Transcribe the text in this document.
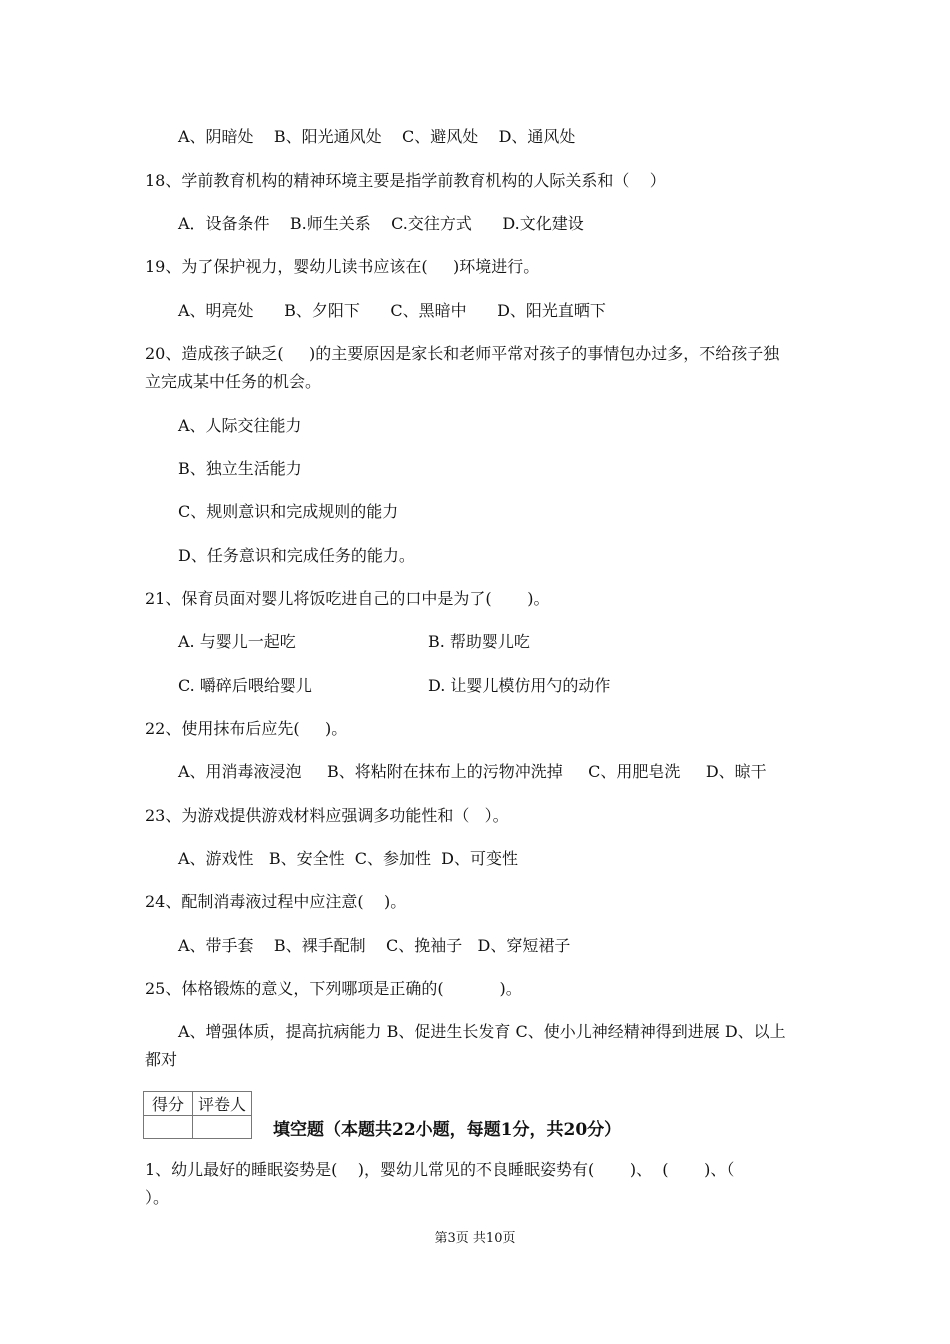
A、阴暗处    B、阳光通风处    C、避风处    D、通风处
18、学前教育机构的精神环境主要是指学前教育机构的人际关系和（    ）
A．设备条件    B.师生关系    C.交往方式      D.文化建设
19、为了保护视力，婴幼儿读书应该在(     )环境进行。
A、明亮处      B、夕阳下      C、黑暗中      D、阳光直晒下
20、造成孩子缺乏(     )的主要原因是家长和老师平常对孩子的事情包办过多，不给孩子独
立完成某中任务的机会。
A、人际交往能力
B、独立生活能力
C、规则意识和完成规则的能力
D、任务意识和完成任务的能力。
21、保育员面对婴儿将饭吃进自己的口中是为了(       )。
A. 与婴儿一起吃	B. 帮助婴儿吃
C. 嚼碎后喂给婴儿	D. 让婴儿模仿用勺的动作
22、使用抹布后应先(     )。
A、用消毒液浸泡     B、将粘附在抹布上的污物冲洗掉     C、用肥皂洗     D、晾干
23、为游戏提供游戏材料应强调多功能性和（   ）。
A、游戏性   B、安全性  C、参加性  D、可变性
24、配制消毒液过程中应注意(    )。
A、带手套    B、裸手配制    C、挽袖子   D、穿短裙子
25、体格锻炼的意义，下列哪项是正确的(           )。
A、增强体质，提高抗病能力 B、促进生长发育 C、使小儿神经精神得到进展 D、以上
都对
得分	评卷人

填空题（本题共22小题，每题1分，共20分）
1、幼儿最好的睡眠姿势是(    )，婴幼儿常见的不良睡眠姿势有(       )、  (       )、（
）。
第3页 共10页
